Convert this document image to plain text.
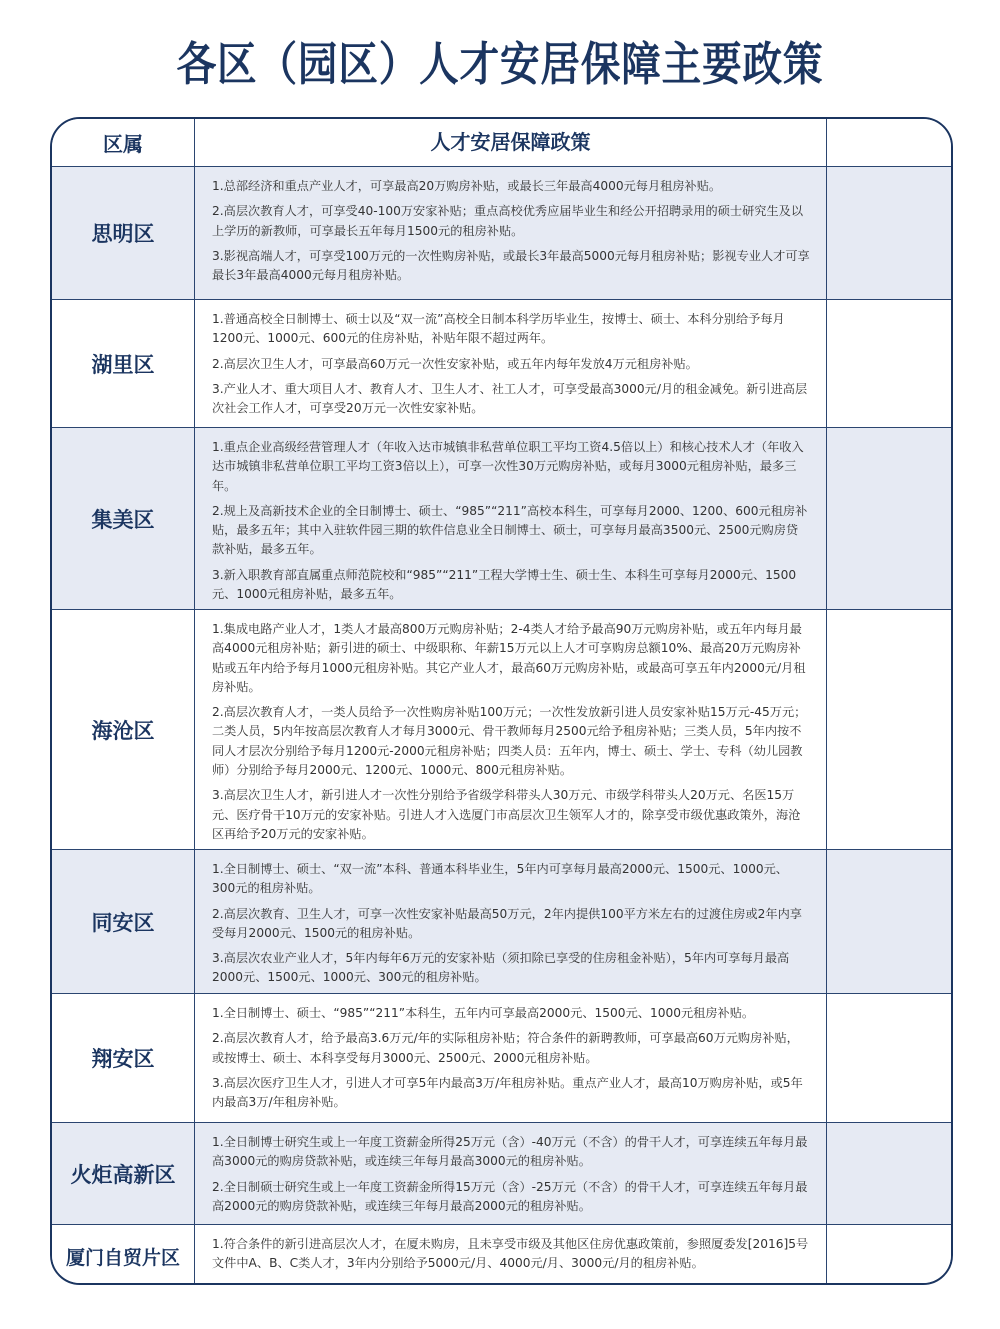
各区（园区）人才安居保障主要政策
区属	人才安居保障政策
思明区
1.总部经济和重点产业人才，可享最高20万购房补贴，或最长三年最高4000元每月租房补贴。
2.高层次教育人才，可享受40-100万安家补贴；重点高校优秀应届毕业生和经公开招聘录用的硕士研究生及以上学历的新教师，可享最长五年每月1500元的租房补贴。
3.影视高端人才，可享受100万元的一次性购房补贴，或最长3年最高5000元每月租房补贴；影视专业人才可享最长3年最高4000元每月租房补贴。
湖里区
1.普通高校全日制博士、硕士以及“双一流”高校全日制本科学历毕业生，按博士、硕士、本科分别给予每月1200元、1000元、600元的住房补贴，补贴年限不超过两年。
2.高层次卫生人才，可享最高60万元一次性安家补贴，或五年内每年发放4万元租房补贴。
3.产业人才、重大项目人才、教育人才、卫生人才、社工人才，可享受最高3000元/月的租金减免。新引进高层次社会工作人才，可享受20万元一次性安家补贴。
集美区
1.重点企业高级经营管理人才（年收入达市城镇非私营单位职工平均工资4.5倍以上）和核心技术人才（年收入达市城镇非私营单位职工平均工资3倍以上），可享一次性30万元购房补贴，或每月3000元租房补贴，最多三年。
2.规上及高新技术企业的全日制博士、硕士、“985”“211”高校本科生，可享每月2000、1200、600元租房补贴，最多五年；其中入驻软件园三期的软件信息业全日制博士、硕士，可享每月最高3500元、2500元购房贷款补贴，最多五年。
3.新入职教育部直属重点师范院校和“985”“211”工程大学博士生、硕士生、本科生可享每月2000元、1500元、1000元租房补贴，最多五年。
海沧区
1.集成电路产业人才，1类人才最高800万元购房补贴；2-4类人才给予最高90万元购房补贴，或五年内每月最高4000元租房补贴；新引进的硕士、中级职称、年薪15万元以上人才可享购房总额10%、最高20万元购房补贴或五年内给予每月1000元租房补贴。其它产业人才，最高60万元购房补贴，或最高可享五年内2000元/月租房补贴。
2.高层次教育人才，一类人员给予一次性购房补贴100万元；一次性发放新引进人员安家补贴15万元-45万元；二类人员，5内年按高层次教育人才每月3000元、骨干教师每月2500元给予租房补贴；三类人员，5年内按不同人才层次分别给予每月1200元-2000元租房补贴；四类人员：五年内，博士、硕士、学士、专科（幼儿园教师）分别给予每月2000元、1200元、1000元、800元租房补贴。
3.高层次卫生人才，新引进人才一次性分别给予省级学科带头人30万元、市级学科带头人20万元、名医15万元、医疗骨干10万元的安家补贴。引进人才入选厦门市高层次卫生领军人才的，除享受市级优惠政策外，海沧区再给予20万元的安家补贴。
同安区
1.全日制博士、硕士、“双一流”本科、普通本科毕业生，5年内可享每月最高2000元、1500元、1000元、300元的租房补贴。
2.高层次教育、卫生人才，可享一次性安家补贴最高50万元，2年内提供100平方米左右的过渡住房或2年内享受每月2000元、1500元的租房补贴。
3.高层次农业产业人才，5年内每年6万元的安家补贴（须扣除已享受的住房租金补贴），5年内可享每月最高2000元、1500元、1000元、300元的租房补贴。
翔安区
1.全日制博士、硕士、“985”“211”本科生，五年内可享最高2000元、1500元、1000元租房补贴。
2.高层次教育人才，给予最高3.6万元/年的实际租房补贴；符合条件的新聘教师，可享最高60万元购房补贴，或按博士、硕士、本科享受每月3000元、2500元、2000元租房补贴。
3.高层次医疗卫生人才，引进人才可享5年内最高3万/年租房补贴。重点产业人才，最高10万购房补贴，或5年内最高3万/年租房补贴。
火炬高新区
1.全日制博士研究生或上一年度工资薪金所得25万元（含）-40万元（不含）的骨干人才，可享连续五年每月最高3000元的购房贷款补贴，或连续三年每月最高3000元的租房补贴。
2.全日制硕士研究生或上一年度工资薪金所得15万元（含）-25万元（不含）的骨干人才，可享连续五年每月最高2000元的购房贷款补贴，或连续三年每月最高2000元的租房补贴。
厦门自贸片区
1.符合条件的新引进高层次人才，在厦未购房，且未享受市级及其他区住房优惠政策前，参照厦委发[2016]5号文件中A、B、C类人才，3年内分别给予5000元/月、4000元/月、3000元/月的租房补贴。
